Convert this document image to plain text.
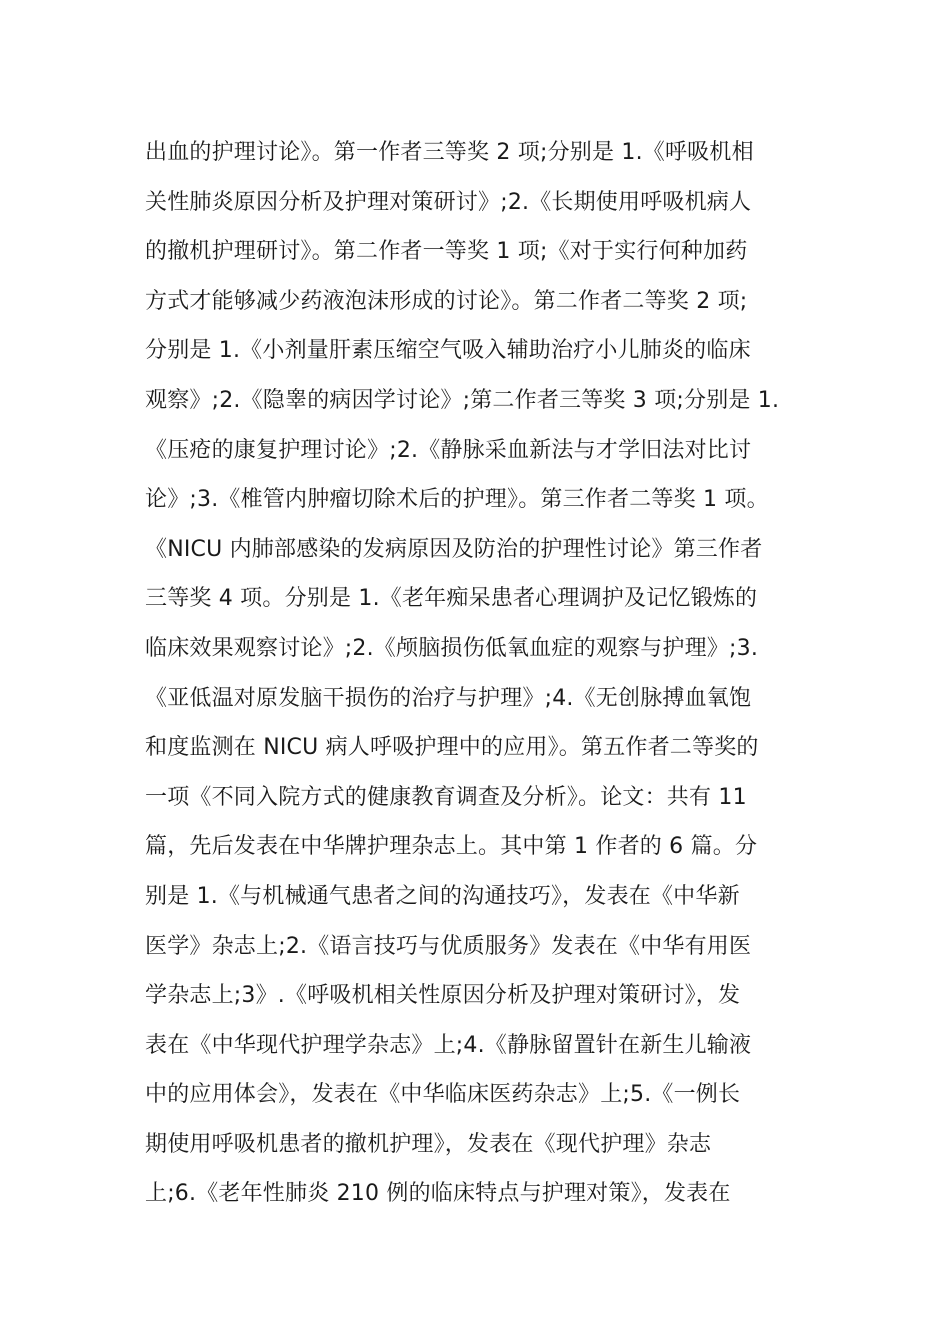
出血的护理讨论》。第一作者三等奖 2 项;分别是 1.《呼吸机相
关性肺炎原因分析及护理对策研讨》;2.《长期使用呼吸机病人
的撤机护理研讨》。第二作者一等奖 1 项;《对于实行何种加药
方式才能够减少药液泡沫形成的讨论》。第二作者二等奖 2 项;
分别是 1.《小剂量肝素压缩空气吸入辅助治疗小儿肺炎的临床
观察》;2.《隐睾的病因学讨论》;第二作者三等奖 3 项;分别是 1.
《压疮的康复护理讨论》;2.《静脉采血新法与才学旧法对比讨
论》;3.《椎管内肿瘤切除术后的护理》。第三作者二等奖 1 项。
《NICU 内肺部感染的发病原因及防治的护理性讨论》第三作者
三等奖 4 项。分别是 1.《老年痴呆患者心理调护及记忆锻炼的
临床效果观察讨论》;2.《颅脑损伤低氧血症的观察与护理》;3.
《亚低温对原发脑干损伤的治疗与护理》;4.《无创脉搏血氧饱
和度监测在 NICU 病人呼吸护理中的应用》。第五作者二等奖的
一项《不同入院方式的健康教育调查及分析》。论文：共有 11
篇，先后发表在中华牌护理杂志上。其中第 1 作者的 6 篇。分
别是 1.《与机械通气患者之间的沟通技巧》，发表在《中华新
医学》杂志上;2.《语言技巧与优质服务》发表在《中华有用医
学杂志上;3》.《呼吸机相关性原因分析及护理对策研讨》，发
表在《中华现代护理学杂志》上;4.《静脉留置针在新生儿输液
中的应用体会》，发表在《中华临床医药杂志》上;5.《一例长
期使用呼吸机患者的撤机护理》，发表在《现代护理》杂志
上;6.《老年性肺炎 210 例的临床特点与护理对策》，发表在
